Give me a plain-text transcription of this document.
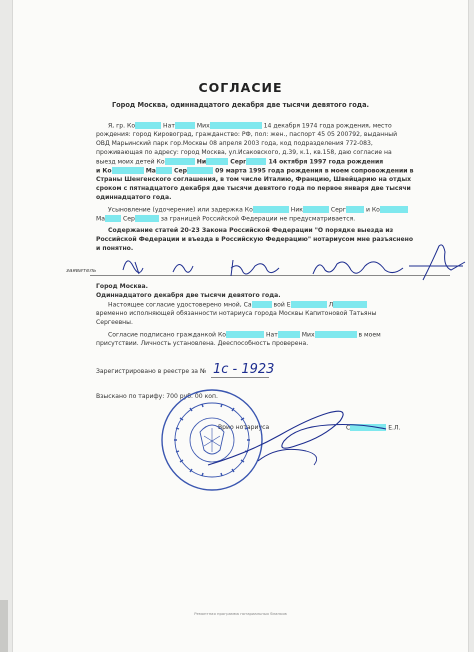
СОГЛАСИЕ
Город Москва, одиннадцатого декабря две тысячи девятого года.
Я, гр. Ко	Нат	Мих	14 декабря 1974 года рождения, место
рождения: город Кировоград, гражданство: РФ, пол: жен., паспорт 45 05 200792, выданный
ОВД Марьинский парк гор.Москвы 08 апреля 2003 года, код подразделения 772-083,
проживающая по адресу: город Москва, ул.Исаковского, д.39, к.1, кв.158, даю согласие на
выезд моих детей Ко	Ни	Серг	14 октября 1997 года рождения
и Ко	Ма	Сер	09 марта 1995 года рождения в моем сопровождении в
Страны Шенгенского соглашения, в том числе Италию, Францию, Швейцарию на отдых
сроком с пятнадцатого декабря две тысячи девятого года по первое января две тысячи
одиннадцатого года.
Усыновление (удочерение) или задержка Ко	Ник	Серг	и Ко
Ма	Сер	за границей Российской Федерации не предусматривается.
Содержание статей 20-23 Закона Российской Федерации "О порядке выезда из
Российской Федерации и въезда в Российскую Федерацию" нотариусом мне разъяснено
и понятно.
заявитель
Город Москва.
Одиннадцатого декабря две тысячи девятого года.
Настоящее согласие удостоверено мной, Са	вой Е	Л
временно исполняющей обязанности нотариуса города Москвы Капитоновой Татьяны
Сергеевны.
Согласие подписано гражданкой Ко	Нат	Мих	в моем
присутствии. Личность установлена. Дееспособность проверена.
Зарегистрировано в реестре за № 1с - 1923
Взыскано по тарифу: 700 руб. 00 коп.
Врио нотариуса	С	Е.Л.
Ремонтная программа нотариальных бланков
